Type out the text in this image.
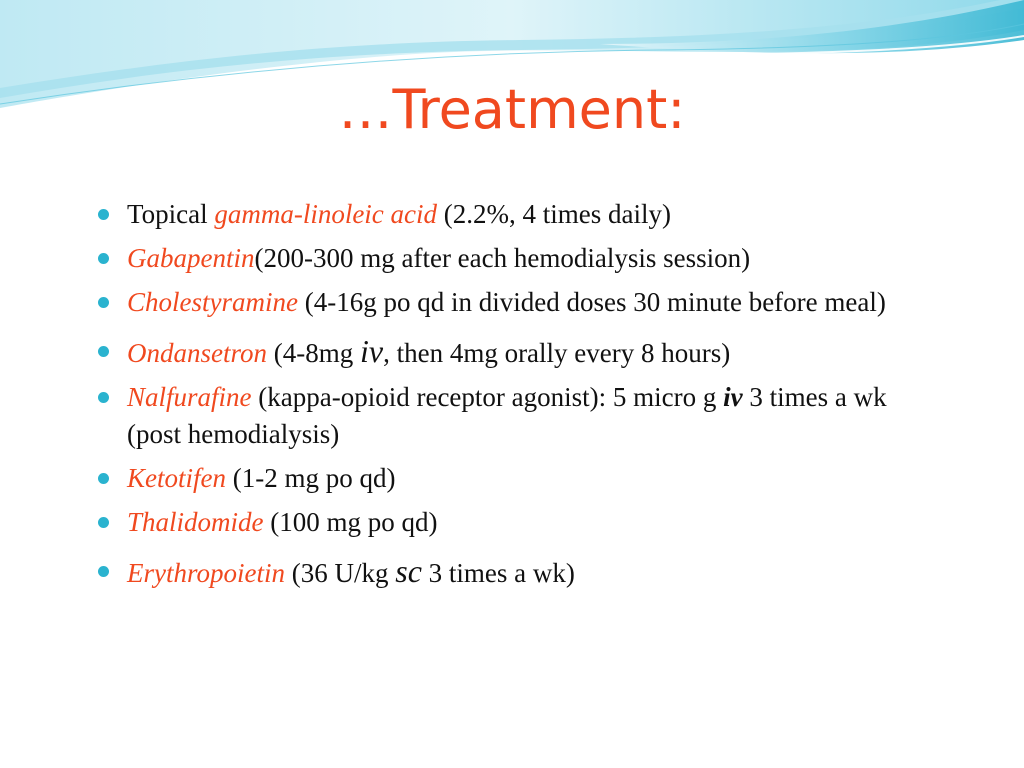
…Treatment:
Topical gamma-linoleic acid (2.2%, 4 times daily)
Gabapentin(200-300 mg after each hemodialysis session)
Cholestyramine (4-16g po qd in divided doses 30 minute before meal)
Ondansetron (4-8mg iv, then 4mg orally every 8 hours)
Nalfurafine (kappa-opioid receptor agonist): 5 micro g iv 3 times a wk (post hemodialysis)
Ketotifen (1-2 mg po qd)
Thalidomide (100 mg po qd)
Erythropoietin (36 U/kg sc 3 times a wk)
